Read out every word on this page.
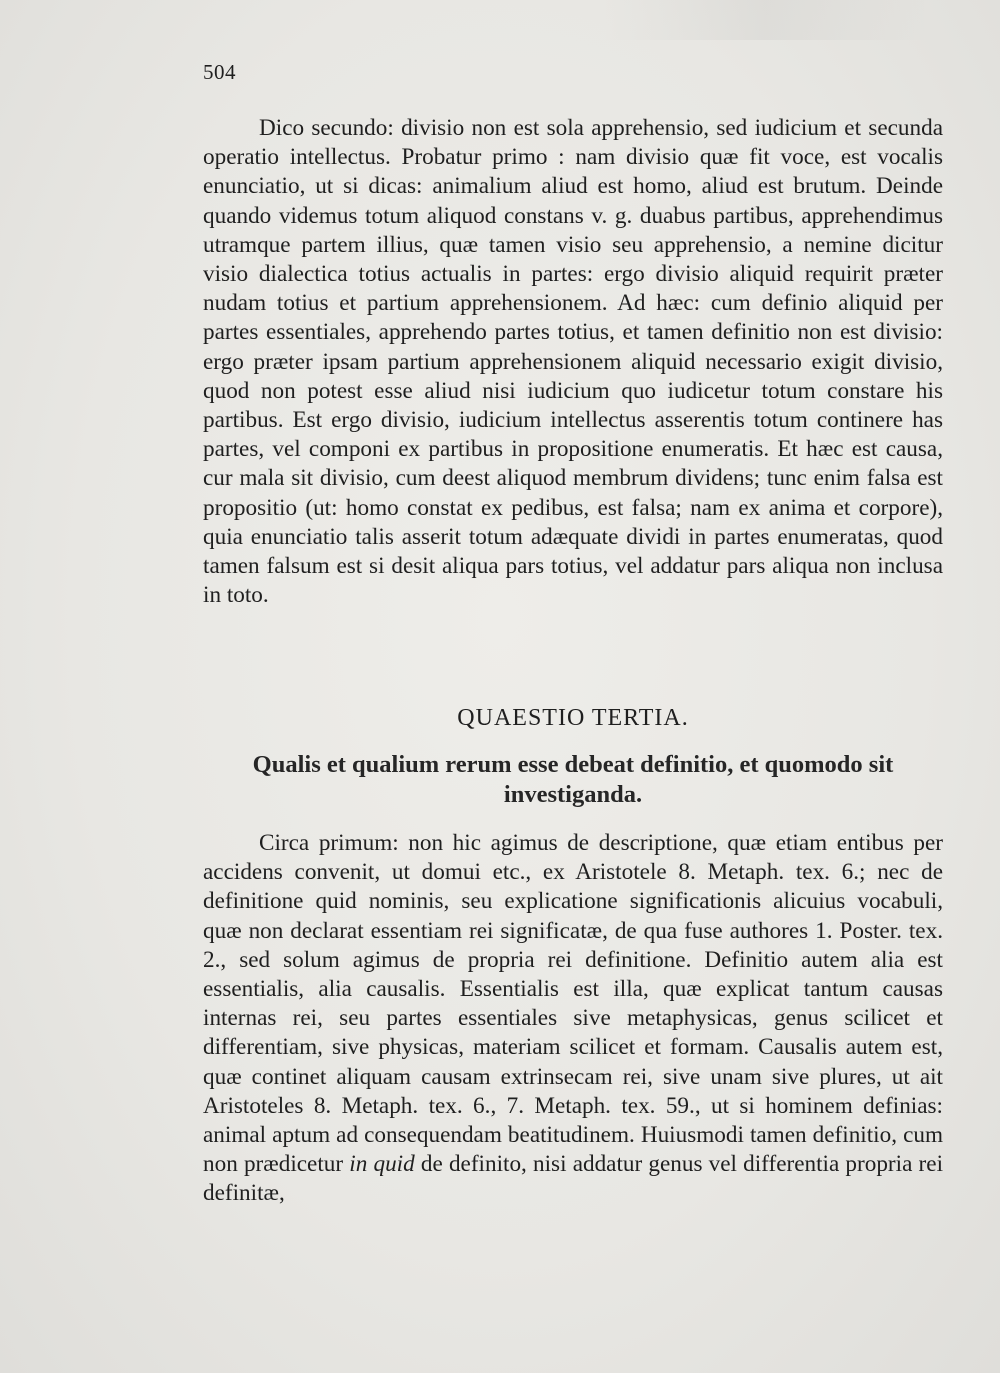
504

Dico secundo: divisio non est sola apprehensio, sed iudicium et secunda operatio intellectus. Probatur primo : nam divisio quæ fit voce, est vocalis enunciatio, ut si dicas: animalium aliud est homo, aliud est brutum. Deinde quando videmus totum aliquod constans v. g. duabus partibus, apprehendimus utramque partem illius, quæ tamen visio seu apprehensio, a nemine dicitur visio dialectica totius actualis in partes: ergo divisio aliquid requirit præter nudam totius et partium apprehensionem. Ad hæc: cum definio aliquid per partes essentiales, apprehendo partes totius, et tamen definitio non est divisio: ergo præter ipsam partium apprehensionem aliquid necessario exigit divisio, quod non potest esse aliud nisi iudicium quo iudicetur totum constare his partibus. Est ergo divisio, iudicium intellectus asserentis totum continere has partes, vel componi ex partibus in propositione enumeratis. Et hæc est causa, cur mala sit divisio, cum deest aliquod membrum dividens; tunc enim falsa est propositio (ut: homo constat ex pedibus, est falsa; nam ex anima et corpore), quia enunciatio talis asserit totum adæquate dividi in partes enumeratas, quod tamen falsum est si desit aliqua pars totius, vel addatur pars aliqua non inclusa in toto.

QUAESTIO TERTIA.
Qualis et qualium rerum esse debeat definitio, et quomodo sit investiganda.

Circa primum: non hic agimus de descriptione, quæ etiam entibus per accidens convenit, ut domui etc., ex Aristotele 8. Metaph. tex. 6.; nec de definitione quid nominis, seu explicatione significationis alicuius vocabuli, quæ non declarat essentiam rei significatæ, de qua fuse authores 1. Poster. tex. 2., sed solum agimus de propria rei definitione. Definitio autem alia est essentialis, alia causalis. Essentialis est illa, quæ explicat tantum causas internas rei, seu partes essentiales sive metaphysicas, genus scilicet et differentiam, sive physicas, materiam scilicet et formam. Causalis autem est, quæ continet aliquam causam extrinsecam rei, sive unam sive plures, ut ait Aristoteles 8. Metaph. tex. 6., 7. Metaph. tex. 59., ut si hominem definias: animal aptum ad consequendam beatitudinem. Huiusmodi tamen definitio, cum non prædicetur in quid de definito, nisi addatur genus vel differentia propria rei definitæ,
